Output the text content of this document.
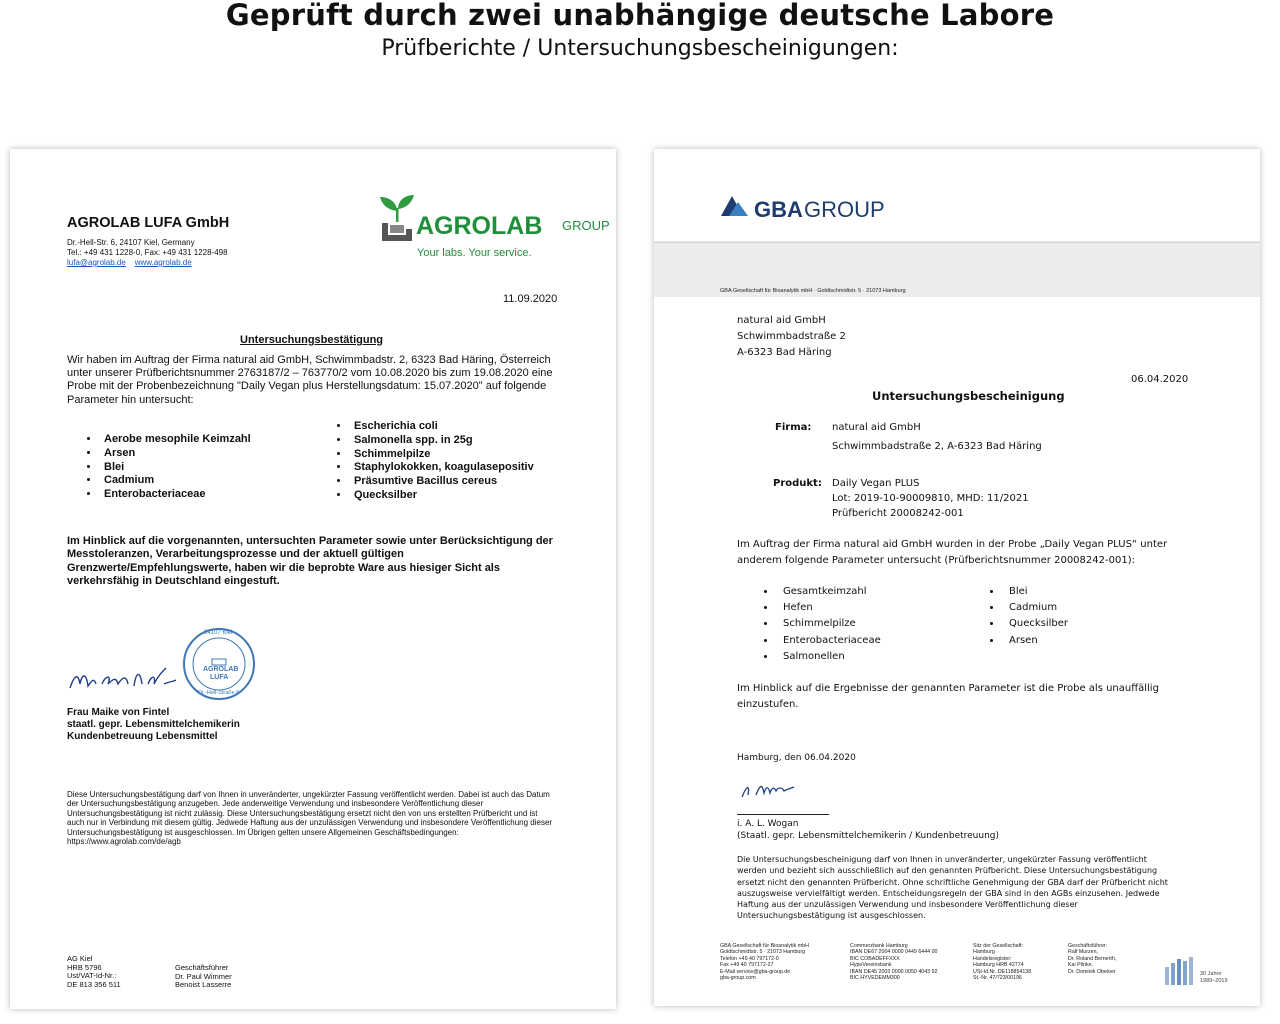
Geprüft durch zwei unabhängige deutsche Labore
Prüfberichte / Untersuchungsbescheinigungen:
AGROLAB LUFA GmbH
Dr.-Hell-Str. 6, 24107 Kiel, Germany
Tel.: +49 431 1228-0, Fax: +49 431 1228-498
lufa@agrolab.de www.agrolab.de
AGROLAB GROUP
Your labs. Your service.
11.09.2020
Untersuchungsbestätigung
Wir haben im Auftrag der Firma natural aid GmbH, Schwimmbadstr. 2, 6323 Bad Häring, Österreich unter unserer Prüfberichtsnummer 2763187/2 – 763770/2 vom 10.08.2020 bis zum 19.08.2020 eine Probe mit der Probenbezeichnung "Daily Vegan plus Herstellungsdatum: 15.07.2020" auf folgende Parameter hin untersucht:
• Aerobe mesophile Keimzahl
• Arsen
• Blei
• Cadmium
• Enterobacteriaceae
• Escherichia coli
• Salmonella spp. in 25g
• Schimmelpilze
• Staphylokokken, koagulasepositiv
• Präsumtive Bacillus cereus
• Quecksilber
Im Hinblick auf die vorgenannten, untersuchten Parameter sowie unter Berücksichtigung der Messtoleranzen, Verarbeitungsprozesse und der aktuell gültigen Grenzwerte/Empfehlungswerte, haben wir die beprobte Ware aus hiesiger Sicht als verkehrsfähig in Deutschland eingestuft.
24107 Kiel
AGROLAB
LUFA
Dr.-Hell-Straße 6
Frau Maike von Fintel
staatl. gepr. Lebensmittelchemikerin
Kundenbetreuung Lebensmittel
Diese Untersuchungsbestätigung darf von Ihnen in unveränderter, ungekürzter Fassung veröffentlicht werden. Dabei ist auch das Datum der Untersuchungsbestätigung anzugeben. Jede anderweitige Verwendung und insbesondere Veröffentlichung dieser Untersuchungsbestätigung ist nicht zulässig. Diese Untersuchungsbestätigung ersetzt nicht den von uns erstellten Prüfbericht und ist auch nur in Verbindung mit diesem gültig. Jedwede Haftung aus der unzulässigen Verwendung und insbesondere Veröffentlichung dieser Untersuchungsbestätigung ist ausgeschlossen. Im Übrigen gelten unsere Allgemeinen Geschäftsbedingungen: https://www.agrolab.com/de/agb
AG Kiel
HRB 5796
Ust/VAT-Id-Nr.:
DE 813 356 511
Geschäftsführer
Dr. Paul Wimmer
Benoist Lasserre
GBA GROUP
GBA Gesellschaft für Bioanalytik mbH · Goldtschmidtstr. 5 · 21073 Hamburg
natural aid GmbH
Schwimmbadstraße 2
A-6323 Bad Häring
06.04.2020
Untersuchungsbescheinigung
Firma: natural aid GmbH
Schwimmbadstraße 2, A-6323 Bad Häring
Produkt: Daily Vegan PLUS
Lot: 2019-10-90009810, MHD: 11/2021
Prüfbericht 20008242-001
Im Auftrag der Firma natural aid GmbH wurden in der Probe „Daily Vegan PLUS“ unter anderem folgende Parameter untersucht (Prüfberichtsnummer 20008242-001):
• Gesamtkeimzahl
• Hefen
• Schimmelpilze
• Enterobacteriaceae
• Salmonellen
• Blei
• Cadmium
• Quecksilber
• Arsen
Im Hinblick auf die Ergebnisse der genannten Parameter ist die Probe als unauffällig einzustufen.
Hamburg, den 06.04.2020
i. A. L. Wogan
(Staatl. gepr. Lebensmittelchemikerin / Kundenbetreuung)
Die Untersuchungsbescheinigung darf von Ihnen in unveränderter, ungekürzter Fassung veröffentlicht werden und bezieht sich ausschließlich auf den genannten Prüfbericht. Diese Untersuchungsbestätigung ersetzt nicht den genannten Prüfbericht. Ohne schriftliche Genehmigung der GBA darf der Prüfbericht nicht auszugsweise vervielfältigt werden. Entscheidungsregeln der GBA sind in den AGBs einzusehen. Jedwede Haftung aus der unzulässigen Verwendung und insbesondere Veröffentlichung dieser Untersuchungsbestätigung ist ausgeschlossen.
GBA Gesellschaft für Bioanalytik mbH
Goldtschmidtstr. 5 · 21073 Hamburg
Telefon +49 40 797172-0
Fax +49 40 797172-27
E-Mail service@gba-group.de
gba-group.com
Commerzbank Hamburg
IBAN DE67 2004 0000 0449 6444 00
BIC COBADEFFXXX
HypoVereinsbank
IBAN DE45 2003 0000 0050 4043 92
BIC HYVEDEMM300
Sitz der Gesellschaft:
Hamburg
Handelsregister:
Hamburg HRB 42774
USt-Id.Nr. DE118854138
St.-Nr. 47/723/00196
Geschäftsführer:
Ralf Murzen,
Dr. Roland Bernerth,
Kai Plinke,
Dr. Dominik Obeloer	30 Jahre
1989–2019
